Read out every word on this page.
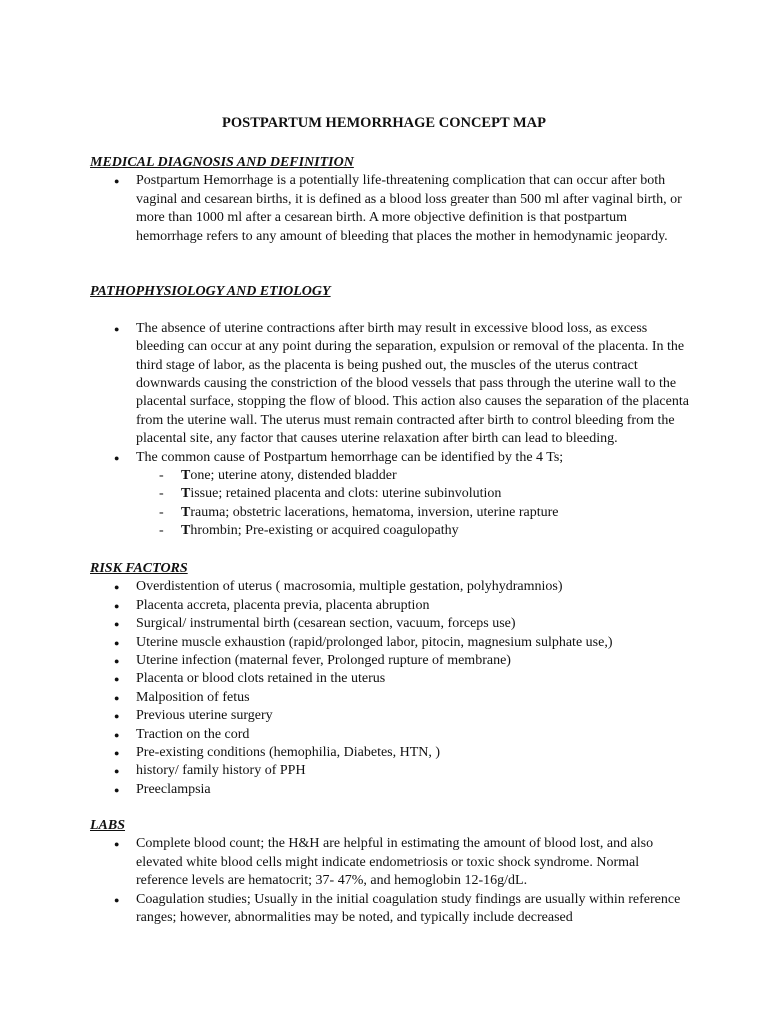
POSTPARTUM HEMORRHAGE CONCEPT MAP
MEDICAL DIAGNOSIS AND DEFINITION
● Postpartum Hemorrhage is a potentially life-threatening complication that can occur after both vaginal and cesarean births, it is defined as a blood loss greater than 500 ml after vaginal birth, or more than 1000 ml after a cesarean birth. A more objective definition is that postpartum hemorrhage refers to any amount of bleeding that places the mother in hemodynamic jeopardy.
PATHOPHYSIOLOGY AND ETIOLOGY
● The absence of uterine contractions after birth may result in excessive blood loss, as excess bleeding can occur at any point during the separation, expulsion or removal of the placenta. In the third stage of labor, as the placenta is being pushed out, the muscles of the uterus contract downwards causing the constriction of the blood vessels that pass through the uterine wall to the placental surface, stopping the flow of blood. This action also causes the separation of the placenta from the uterine wall. The uterus must remain contracted after birth to control bleeding from the placental site, any factor that causes uterine relaxation after birth can lead to bleeding.
● The common cause of Postpartum hemorrhage can be identified by the 4 Ts;
- Tone; uterine atony, distended bladder
- Tissue; retained placenta and clots: uterine subinvolution
- Trauma; obstetric lacerations, hematoma, inversion, uterine rapture
- Thrombin; Pre-existing or acquired coagulopathy
RISK FACTORS
● Overdistention of uterus ( macrosomia, multiple gestation, polyhydramnios)
● Placenta accreta, placenta previa, placenta abruption
● Surgical/ instrumental birth (cesarean section, vacuum, forceps use)
● Uterine muscle exhaustion (rapid/prolonged labor, pitocin, magnesium sulphate use,)
● Uterine infection (maternal fever, Prolonged rupture of membrane)
● Placenta or blood clots retained in the uterus
● Malposition of fetus
● Previous uterine surgery
● Traction on the cord
● Pre-existing conditions (hemophilia, Diabetes, HTN, )
● history/ family history of PPH
● Preeclampsia
LABS
● Complete blood count; the H&H are helpful in estimating the amount of blood lost, and also elevated white blood cells might indicate endometriosis or toxic shock syndrome. Normal reference levels are hematocrit; 37- 47%, and hemoglobin 12-16g/dL.
● Coagulation studies; Usually in the initial coagulation study findings are usually within reference ranges; however, abnormalities may be noted, and typically include decreased
